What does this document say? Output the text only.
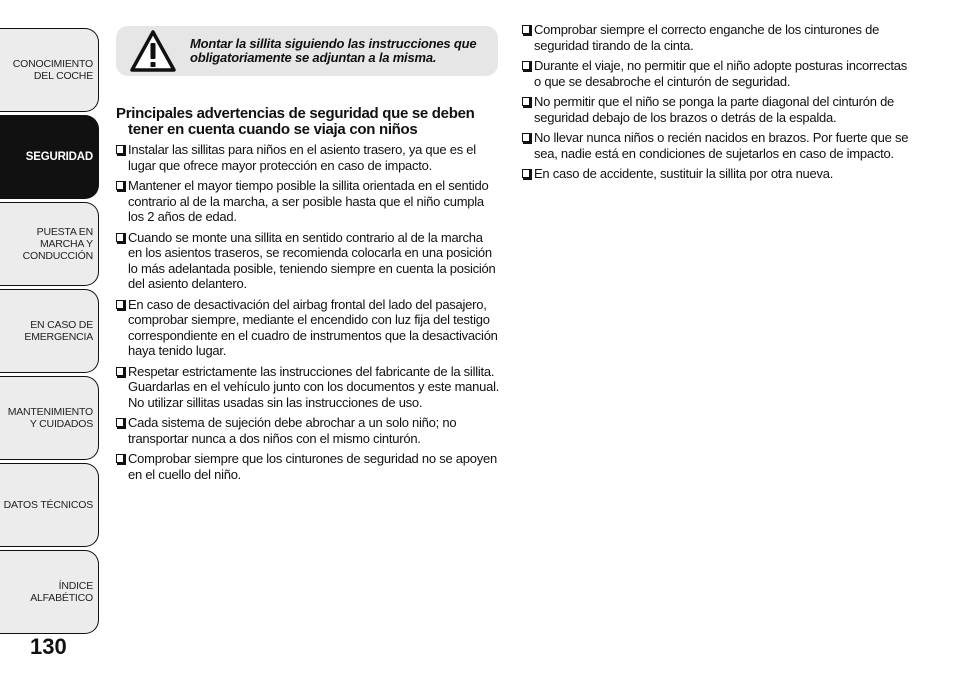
CONOCIMIENTO DEL COCHE
SEGURIDAD
PUESTA EN MARCHA Y CONDUCCIÓN
EN CASO DE EMERGENCIA
MANTENIMIENTO Y CUIDADOS
DATOS TÉCNICOS
ÍNDICE ALFABÉTICO
130
Montar la sillita siguiendo las instrucciones que obligatoriamente se adjuntan a la misma.
Principales advertencias de seguridad que se deben
tener en cuenta cuando se viaja con niños
Instalar las sillitas para niños en el asiento trasero, ya que es el lugar que ofrece mayor protección en caso de impacto.
Mantener el mayor tiempo posible la sillita orientada en el sentido contrario al de la marcha, a ser posible hasta que el niño cumpla los 2 años de edad.
Cuando se monte una sillita en sentido contrario al de la marcha en los asientos traseros, se recomienda colocarla en una posición lo más adelantada posible, teniendo siempre en cuenta la posición del asiento delantero.
En caso de desactivación del airbag frontal del lado del pasajero, comprobar siempre, mediante el encendido con luz fija del testigo correspondiente en el cuadro de instrumentos que la desactivación haya tenido lugar.
Respetar estrictamente las instrucciones del fabricante de la sillita. Guardarlas en el vehículo junto con los documentos y este manual. No utilizar sillitas usadas sin las instrucciones de uso.
Cada sistema de sujeción debe abrochar a un solo niño; no transportar nunca a dos niños con el mismo cinturón.
Comprobar siempre que los cinturones de seguridad no se apoyen en el cuello del niño.
Comprobar siempre el correcto enganche de los cinturones de seguridad tirando de la cinta.
Durante el viaje, no permitir que el niño adopte posturas incorrectas o que se desabroche el cinturón de seguridad.
No permitir que el niño se ponga la parte diagonal del cinturón de seguridad debajo de los brazos o detrás de la espalda.
No llevar nunca niños o recién nacidos en brazos. Por fuerte que se sea, nadie está en condiciones de sujetarlos en caso de impacto.
En caso de accidente, sustituir la sillita por otra nueva.
